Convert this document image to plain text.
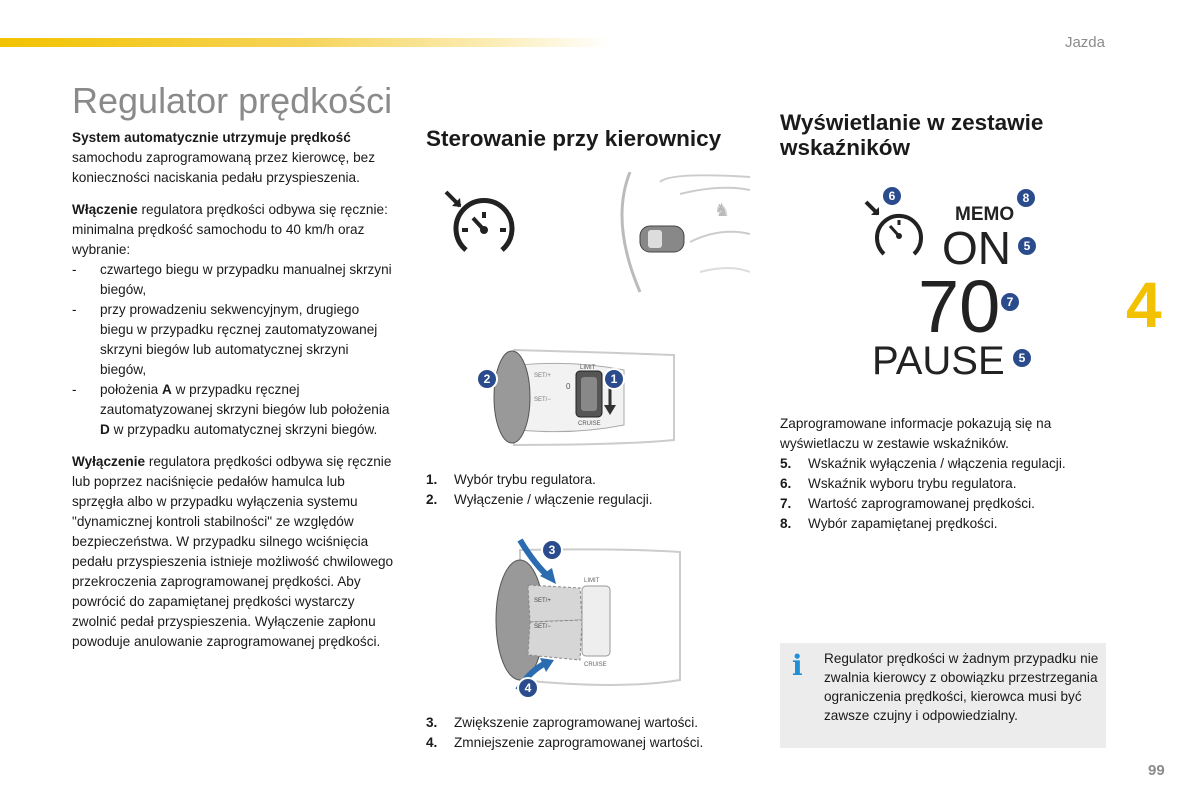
Jazda
4
99
Regulator prędkości

System automatycznie utrzymuje prędkość
samochodu zaprogramowaną przez kierowcę, bez konieczności naciskania pedału przyspieszenia.

Włączenie regulatora prędkości odbywa się ręcznie: minimalna prędkość samochodu to 40 km/h oraz wybranie:

-	czwartego biegu w przypadku manualnej skrzyni biegów,
-	przy prowadzeniu sekwencyjnym, drugiego biegu w przypadku ręcznej zautomatyzowanej skrzyni biegów lub automatycznej skrzyni biegów,
-	położenia A w przypadku ręcznej zautomatyzowanej skrzyni biegów lub położenia D w przypadku automatycznej skrzyni biegów.

Wyłączenie regulatora prędkości odbywa się ręcznie lub poprzez naciśnięcie pedałów hamulca lub sprzęgła albo w przypadku wyłączenia systemu "dynamicznej kontroli stabilności" ze względów bezpieczeństwa. W przypadku silnego wciśnięcia pedału przyspieszenia istnieje możliwość chwilowego przekroczenia zaprogramowanej prędkości. Aby powrócić do zapamiętanej prędkości wystarczy zwolnić pedał przyspieszenia. Wyłączenie zapłonu powoduje anulowanie zaprogramowanej prędkości.

Sterowanie przy kierownicy
♞
LIMIT
CRUISE
SET/+
SET/−
0
1
2
1.	Wybór trybu regulatora.
2.	Wyłączenie / włączenie regulacji.
SET/+
SET/−
LIMIT
CRUISE
3
4
3.	Zwiększenie zaprogramowanej wartości.
4.	Zmniejszenie zaprogramowanej wartości.
Wyświetlanie w zestawie wskaźników
MEMO
ON
70
PAUSE
6	8
5
7
5
Zaprogramowane informacje pokazują się na wyświetlaczu w zestawie wskaźników.
5.	Wskaźnik wyłączenia / włączenia regulacji.
6.	Wskaźnik wyboru trybu regulatora.
7.	Wartość zaprogramowanej prędkości.
8.	Wybór zapamiętanej prędkości.
i Regulator prędkości w żadnym przypadku nie zwalnia kierowcy z obowiązku przestrzegania ograniczenia prędkości, kierowca musi być zawsze czujny i odpowiedzialny.
